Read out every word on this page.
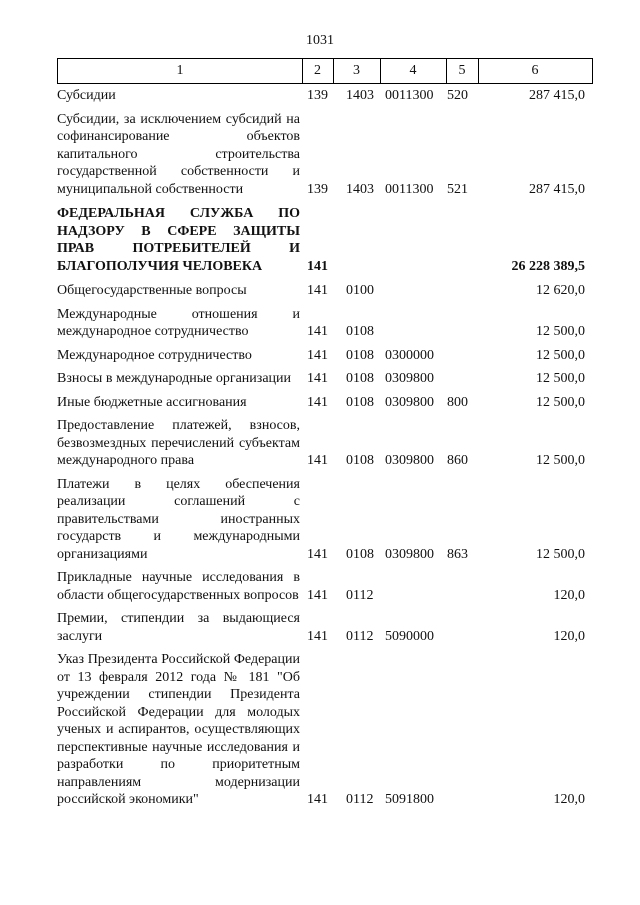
1031
1	2	3	4	5	6
Субсидии	139 1403 0011300 520	287 415,0
Субсидии, за исключением субсидий на софинансирование объектов капитального строительства государственной собственности и муниципальной собственности	139 1403 0011300 521	287 415,0
ФЕДЕРАЛЬНАЯ СЛУЖБА ПО НАДЗОРУ В СФЕРЕ ЗАЩИТЫ ПРАВ ПОТРЕБИТЕЛЕЙ И БЛАГОПОЛУЧИЯ ЧЕЛОВЕКА	141	26 228 389,5
Общегосударственные вопросы	141 0100	12 620,0
Международные отношения и международное сотрудничество	141 0108	12 500,0
Международное сотрудничество	141 0108 0300000	12 500,0
Взносы в международные организации	141 0108 0309800	12 500,0
Иные бюджетные ассигнования	141 0108 0309800 800	12 500,0
Предоставление платежей, взносов, безвозмездных перечислений субъектам международного права	141 0108 0309800 860	12 500,0
Платежи в целях обеспечения реализации соглашений с правительствами иностранных государств и международными организациями	141 0108 0309800 863	12 500,0
Прикладные научные исследования в области общегосударственных вопросов 141 0112	120,0
Премии, стипендии за выдающиеся заслуги	141 0112 5090000	120,0
Указ Президента Российской Федерации от 13 февраля 2012 года № 181 "Об учреждении стипендии Президента Российской Федерации для молодых ученых и аспирантов, осуществляющих перспективные научные исследования и разработки по приоритетным направлениям модернизации российской экономики"	141 0112 5091800	120,0
